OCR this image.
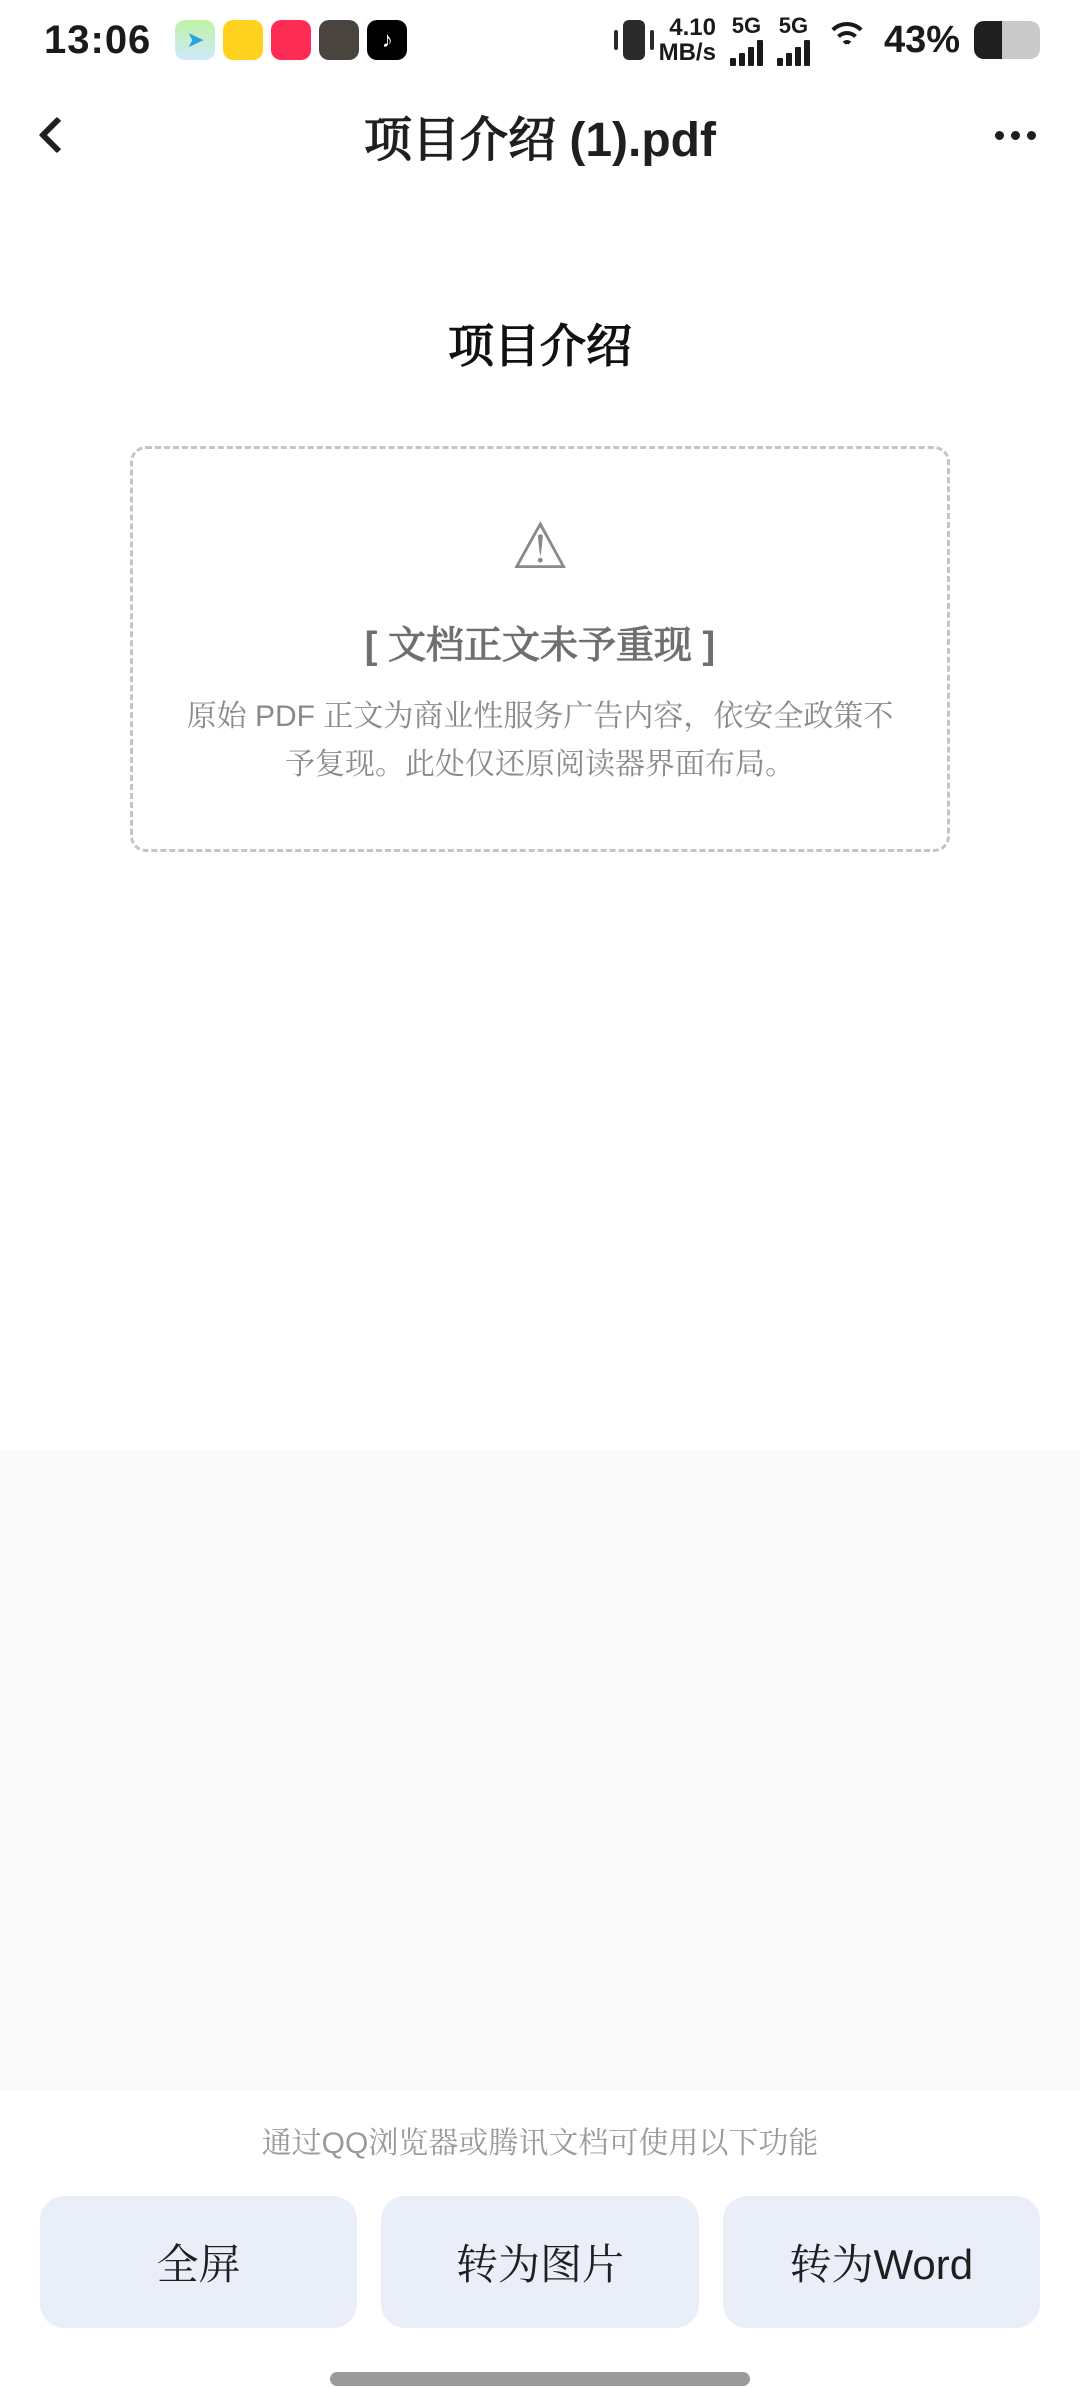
13:06	➤	♪	4.10
MB/s
5G 5G 43%
项目介绍 (1).pdf
项目介绍
⚠
[ 文档正文未予重现 ]
原始 PDF 正文为商业性服务广告内容，依安全政策不予复现。此处仅还原阅读器界面布局。
通过QQ浏览器或腾讯文档可使用以下功能
全屏	转为图片	转为Word
